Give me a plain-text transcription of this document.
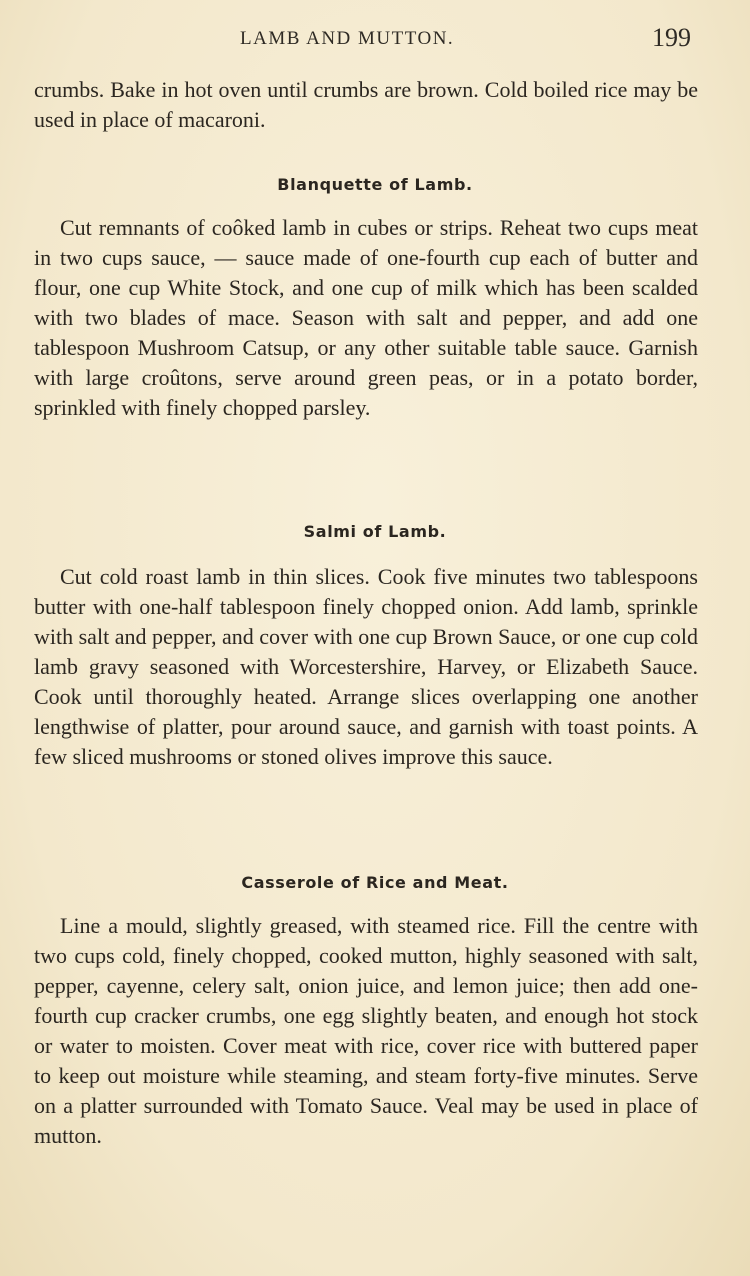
LAMB AND MUTTON.	199

crumbs. Bake in hot oven until crumbs are brown. Cold boiled rice may be used in place of macaroni.

Blanquette of Lamb.

Cut remnants of coôked lamb in cubes or strips. Reheat two cups meat in two cups sauce, — sauce made of one-fourth cup each of butter and flour, one cup White Stock, and one cup of milk which has been scalded with two blades of mace. Season with salt and pepper, and add one tablespoon Mushroom Catsup, or any other suitable table sauce. Garnish with large croûtons, serve around green peas, or in a potato border, sprinkled with finely chopped parsley.

Salmi of Lamb.

Cut cold roast lamb in thin slices. Cook five minutes two tablespoons butter with one-half tablespoon finely chopped onion. Add lamb, sprinkle with salt and pepper, and cover with one cup Brown Sauce, or one cup cold lamb gravy seasoned with Worcestershire, Harvey, or Elizabeth Sauce. Cook until thoroughly heated. Arrange slices overlapping one another lengthwise of platter, pour around sauce, and garnish with toast points. A few sliced mushrooms or stoned olives improve this sauce.

Casserole of Rice and Meat.

Line a mould, slightly greased, with steamed rice. Fill the centre with two cups cold, finely chopped, cooked mutton, highly seasoned with salt, pepper, cayenne, celery salt, onion juice, and lemon juice; then add one-fourth cup cracker crumbs, one egg slightly beaten, and enough hot stock or water to moisten. Cover meat with rice, cover rice with buttered paper to keep out moisture while steaming, and steam forty-five minutes. Serve on a platter surrounded with Tomato Sauce. Veal may be used in place of mutton.
